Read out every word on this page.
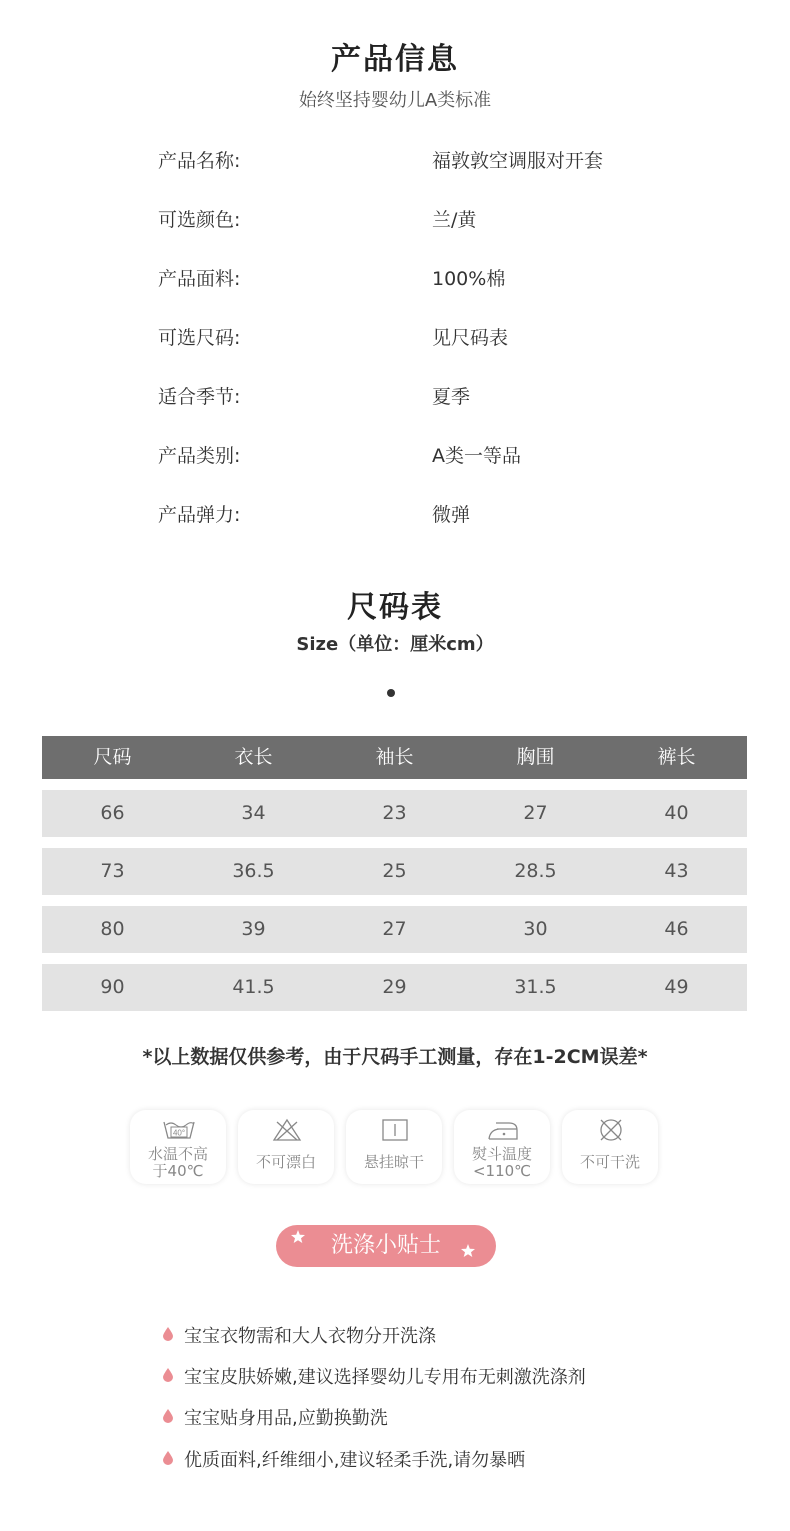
产品信息
始终坚持婴幼儿A类标准
产品名称:	福敦敦空调服对开套
可选颜色:	兰/黄
产品面料:	100%棉
可选尺码:	见尺码表
适合季节:	夏季
产品类别:	A类一等品
产品弹力:	微弹
尺码表
Size（单位：厘米cm）
尺码	衣长	袖长	胸围	裤长
66	34	23	27	40
73	36.5	25	28.5	43
80	39	27	30	46
90	41.5	29	31.5	49
*以上数据仅供参考，由于尺码手工测量，存在1-2CM误差*
40°
水温不高
于40℃	不可漂白	悬挂晾干	熨斗温度
<110℃	不可干洗
洗涤小贴士
宝宝衣物需和大人衣物分开洗涤
宝宝皮肤娇嫩,建议选择婴幼儿专用布无刺激洗涤剂
宝宝贴身用品,应勤换勤洗
优质面料,纤维细小,建议轻柔手洗,请勿暴晒
